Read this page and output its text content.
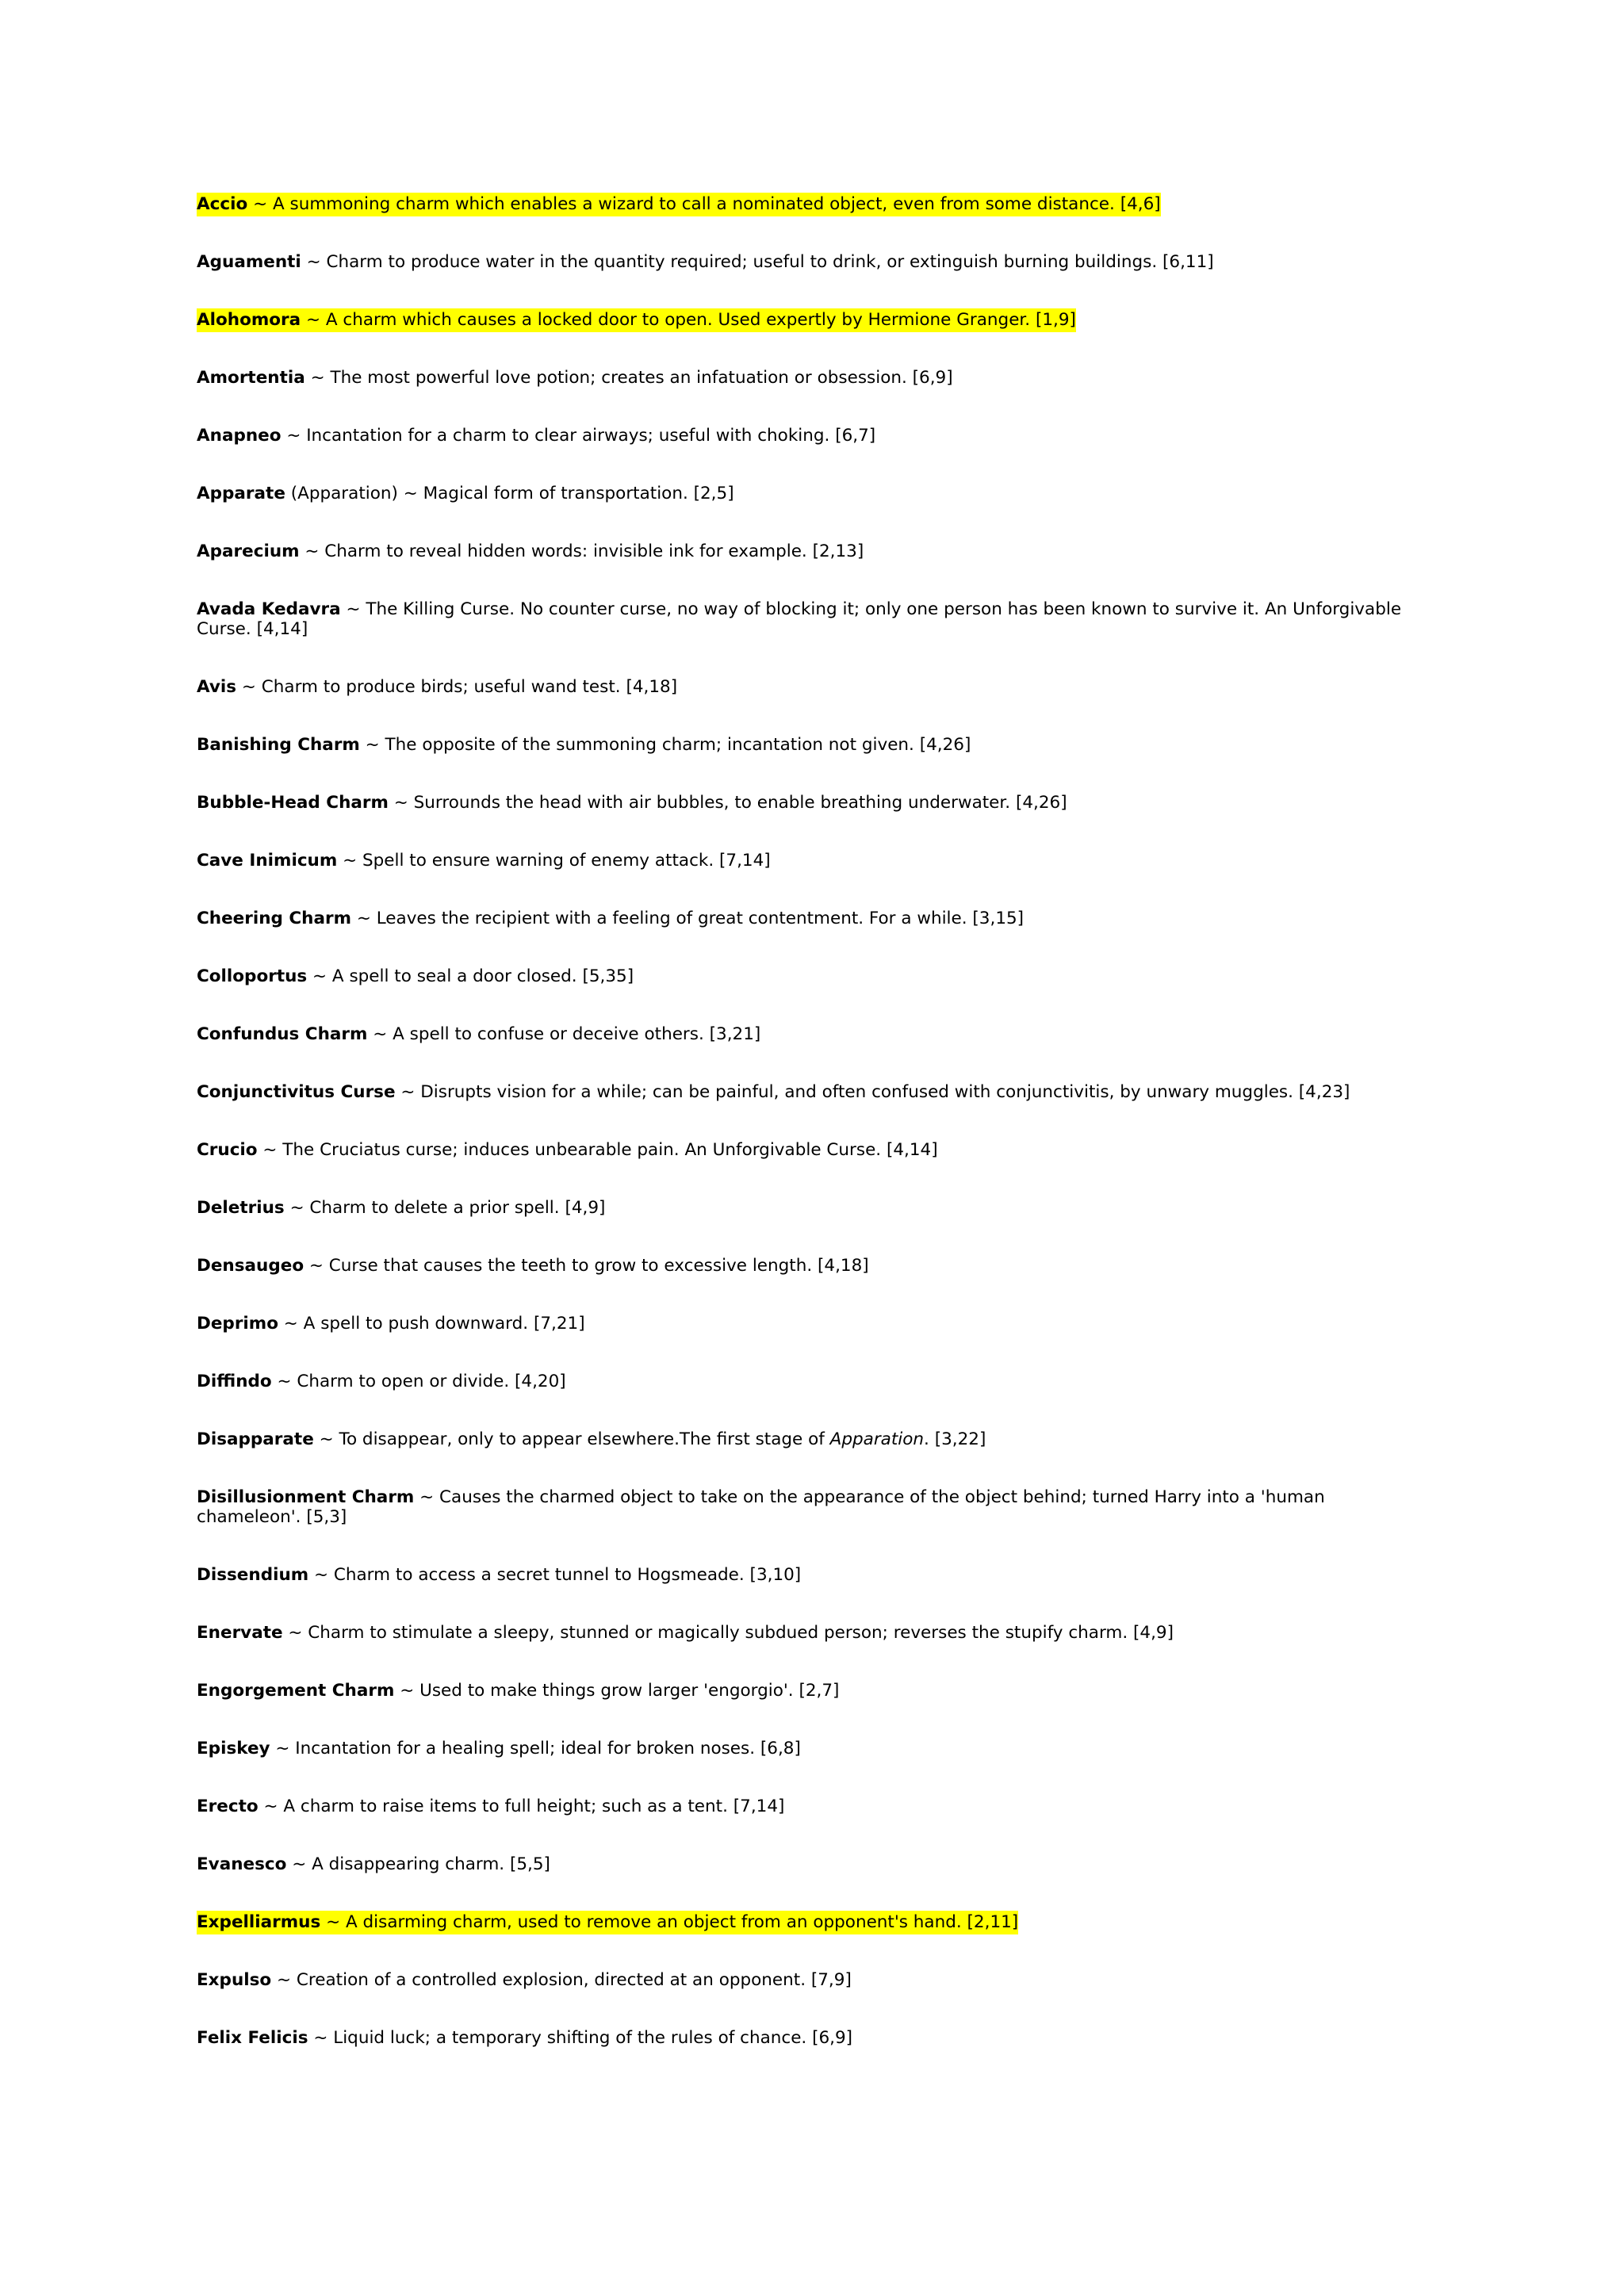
Accio ~ A summoning charm which enables a wizard to call a nominated object, even from some distance. [4,6]

Aguamenti ~ Charm to produce water in the quantity required; useful to drink, or extinguish burning buildings. [6,11]

Alohomora ~ A charm which causes a locked door to open. Used expertly by Hermione Granger. [1,9]

Amortentia ~ The most powerful love potion; creates an infatuation or obsession. [6,9]

Anapneo ~ Incantation for a charm to clear airways; useful with choking. [6,7]

Apparate (Apparation) ~ Magical form of transportation. [2,5]

Aparecium ~ Charm to reveal hidden words: invisible ink for example. [2,13]

Avada Kedavra ~ The Killing Curse. No counter curse, no way of blocking it; only one person has been known to survive it. An Unforgivable Curse. [4,14]

Avis ~ Charm to produce birds; useful wand test. [4,18]

Banishing Charm ~ The opposite of the summoning charm; incantation not given. [4,26]

Bubble-Head Charm ~ Surrounds the head with air bubbles, to enable breathing underwater. [4,26]

Cave Inimicum ~ Spell to ensure warning of enemy attack. [7,14]

Cheering Charm ~ Leaves the recipient with a feeling of great contentment. For a while. [3,15]

Colloportus ~ A spell to seal a door closed. [5,35]

Confundus Charm ~ A spell to confuse or deceive others. [3,21]

Conjunctivitus Curse ~ Disrupts vision for a while; can be painful, and often confused with conjunctivitis, by unwary muggles. [4,23]

Crucio ~ The Cruciatus curse; induces unbearable pain. An Unforgivable Curse. [4,14]

Deletrius ~ Charm to delete a prior spell. [4,9]

Densaugeo ~ Curse that causes the teeth to grow to excessive length. [4,18]

Deprimo ~ A spell to push downward. [7,21]

Diffindo ~ Charm to open or divide. [4,20]

Disapparate ~ To disappear, only to appear elsewhere.The first stage of Apparation. [3,22]

Disillusionment Charm ~ Causes the charmed object to take on the appearance of the object behind; turned Harry into a 'human chameleon'. [5,3]

Dissendium ~ Charm to access a secret tunnel to Hogsmeade. [3,10]

Enervate ~ Charm to stimulate a sleepy, stunned or magically subdued person; reverses the stupify charm. [4,9]

Engorgement Charm ~ Used to make things grow larger 'engorgio'. [2,7]

Episkey ~ Incantation for a healing spell; ideal for broken noses. [6,8]

Erecto ~ A charm to raise items to full height; such as a tent. [7,14]

Evanesco ~ A disappearing charm. [5,5]

Expelliarmus ~ A disarming charm, used to remove an object from an opponent's hand. [2,11]

Expulso ~ Creation of a controlled explosion, directed at an opponent. [7,9]

Felix Felicis ~ Liquid luck; a temporary shifting of the rules of chance. [6,9]
